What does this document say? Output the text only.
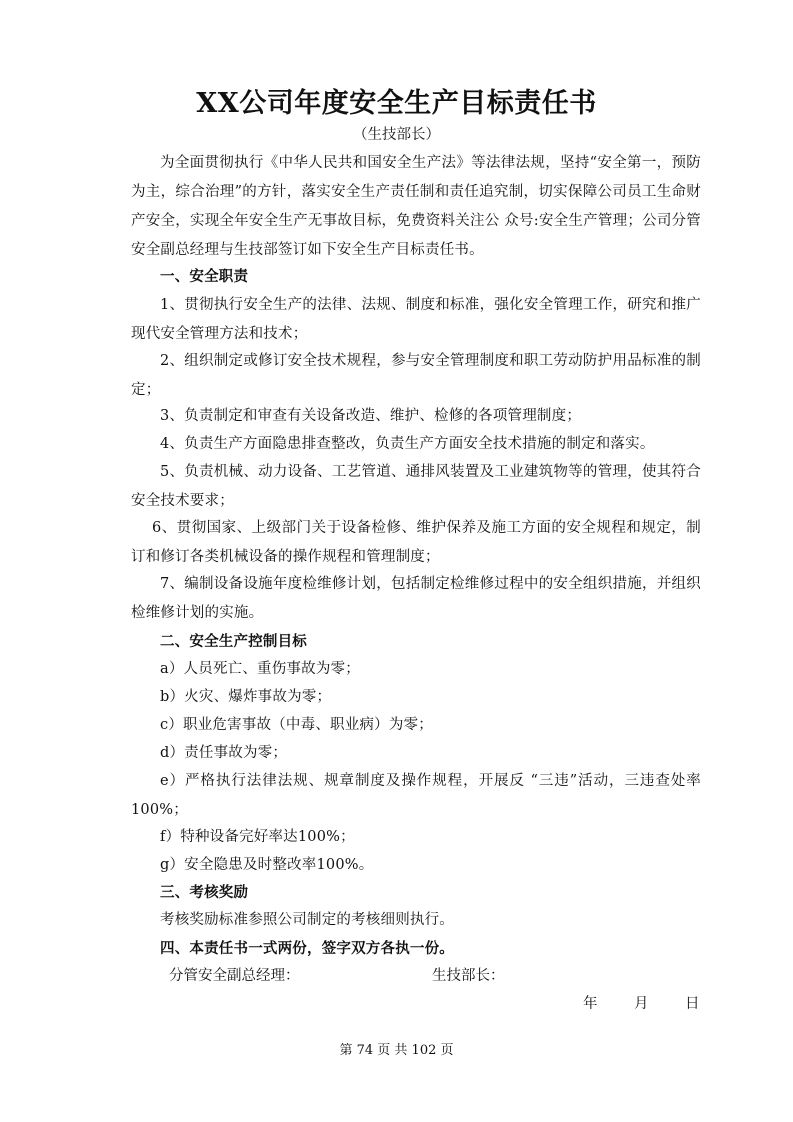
XX公司年度安全生产目标责任书
（生技部长）
为全面贯彻执行《中华人民共和国安全生产法》等法律法规，坚持“安全第一，预防为主，综合治理”的方针，落实安全生产责任制和责任追究制，切实保障公司员工生命财产安全，实现全年安全生产无事故目标，免费资料关注公 众号:安全生产管理；公司分管安全副总经理与生技部签订如下安全生产目标责任书。
一、安全职责
1、贯彻执行安全生产的法律、法规、制度和标准，强化安全管理工作，研究和推广现代安全管理方法和技术；
2、组织制定或修订安全技术规程，参与安全管理制度和职工劳动防护用品标准的制定；
3、负责制定和审查有关设备改造、维护、检修的各项管理制度；
4、负责生产方面隐患排查整改，负责生产方面安全技术措施的制定和落实。
5、负责机械、动力设备、工艺管道、通排风装置及工业建筑物等的管理，使其符合安全技术要求；
6、贯彻国家、上级部门关于设备检修、维护保养及施工方面的安全规程和规定，制订和修订各类机械设备的操作规程和管理制度；
7、编制设备设施年度检维修计划，包括制定检维修过程中的安全组织措施，并组织检维修计划的实施。
二、安全生产控制目标
a）人员死亡、重伤事故为零；
b）火灾、爆炸事故为零；
c）职业危害事故（中毒、职业病）为零；
d）责任事故为零；
e）严格执行法律法规、规章制度及操作规程，开展反 “三违”活动，三违查处率100%；
f）特种设备完好率达100%；
g）安全隐患及时整改率100%。
三、考核奖励
考核奖励标准参照公司制定的考核细则执行。
四、本责任书一式两份，签字双方各执一份。
分管安全副总经理：	生技部长：
年	月	日
第 74 页 共 102 页
